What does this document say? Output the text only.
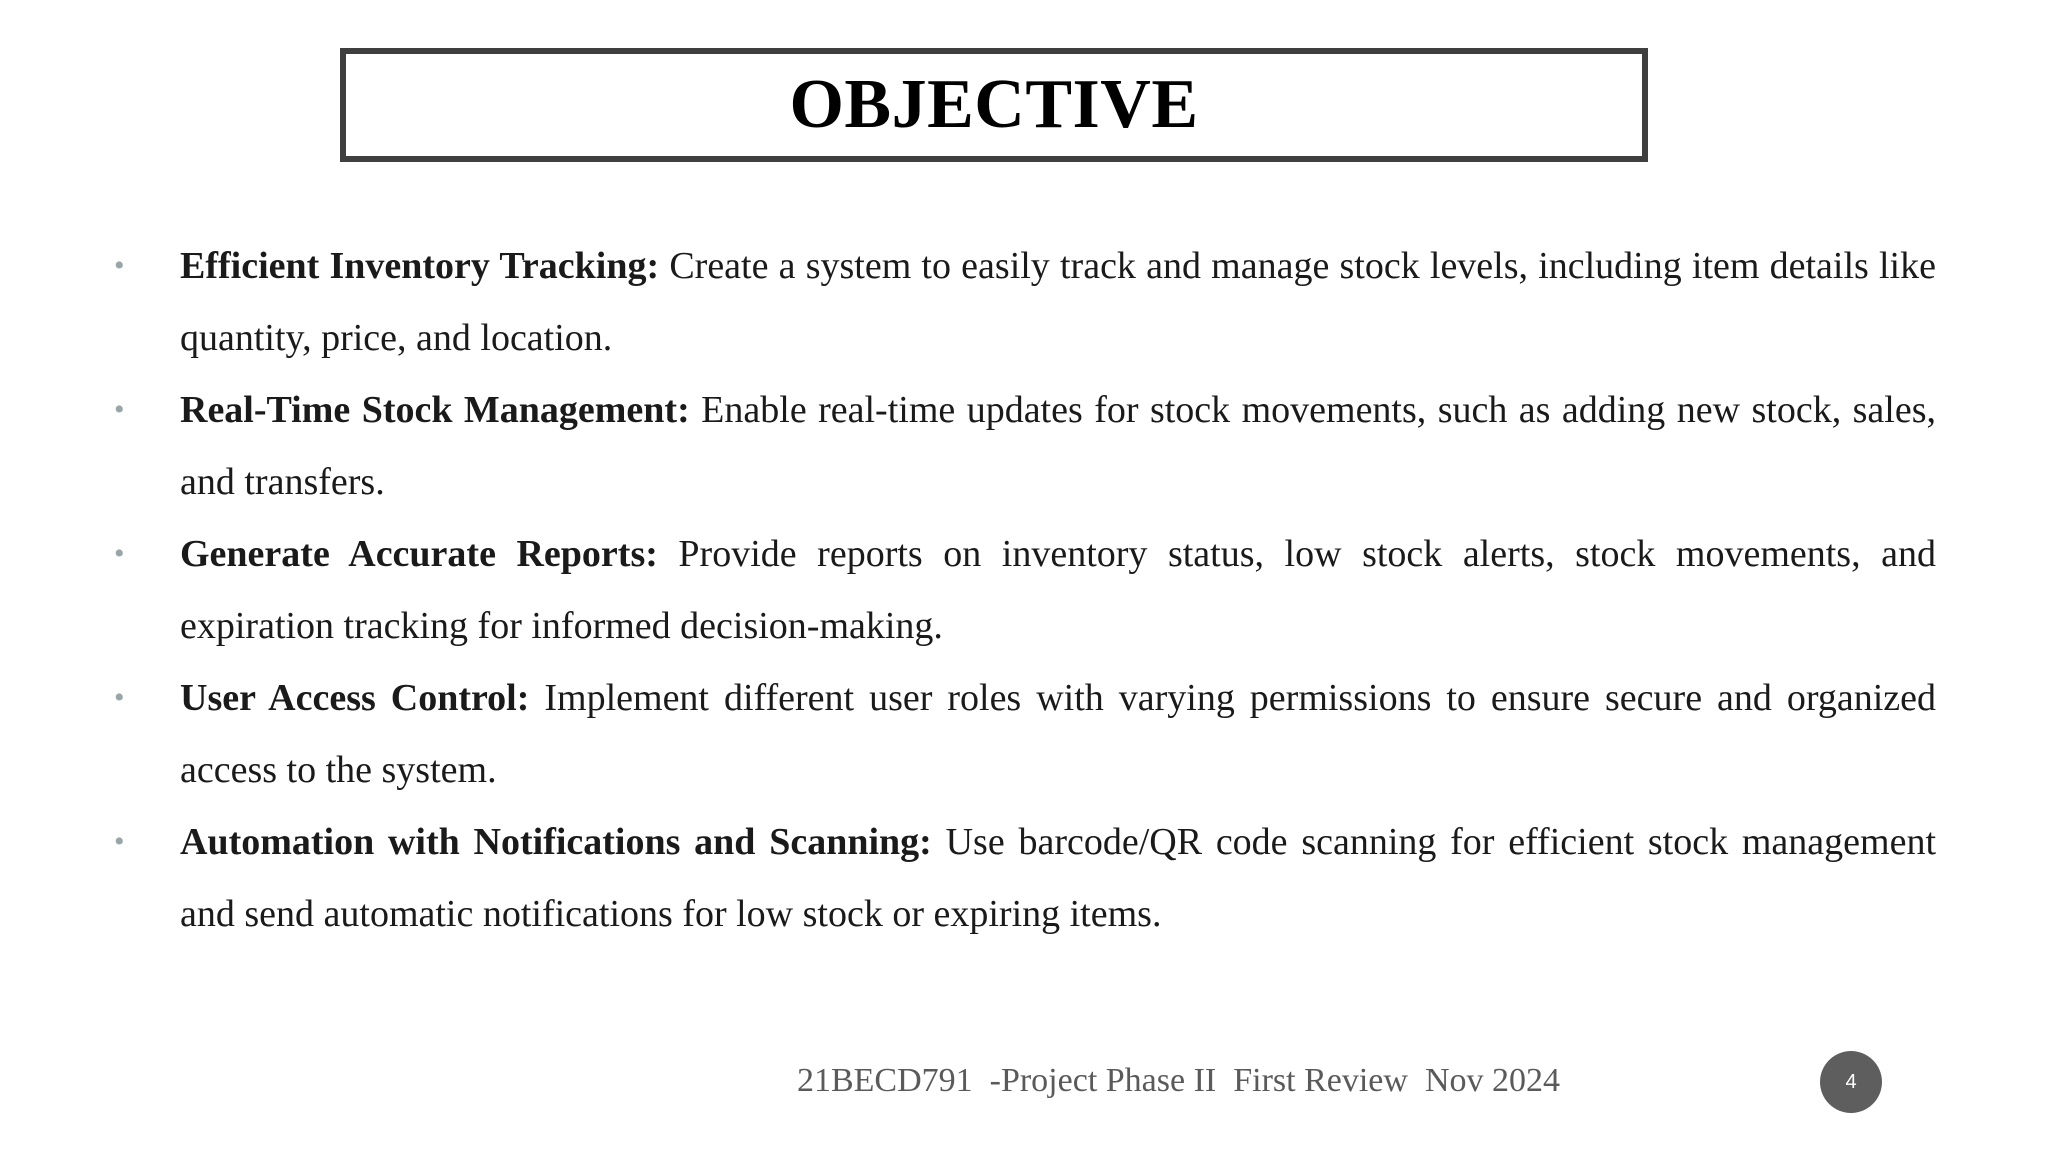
OBJECTIVE
• Efficient Inventory Tracking: Create a system to easily track and manage stock levels, including item details like quantity, price, and location.
• Real-Time Stock Management: Enable real-time updates for stock movements, such as adding new stock, sales, and transfers.
• Generate Accurate Reports: Provide reports on inventory status, low stock alerts, stock movements, and expiration tracking for informed decision-making.
• User Access Control: Implement different user roles with varying permissions to ensure secure and organized access to the system.
• Automation with Notifications and Scanning: Use barcode/QR code scanning for efficient stock management and send automatic notifications for low stock or expiring items.
21BECD791  -Project Phase II  First Review  Nov 2024	4
